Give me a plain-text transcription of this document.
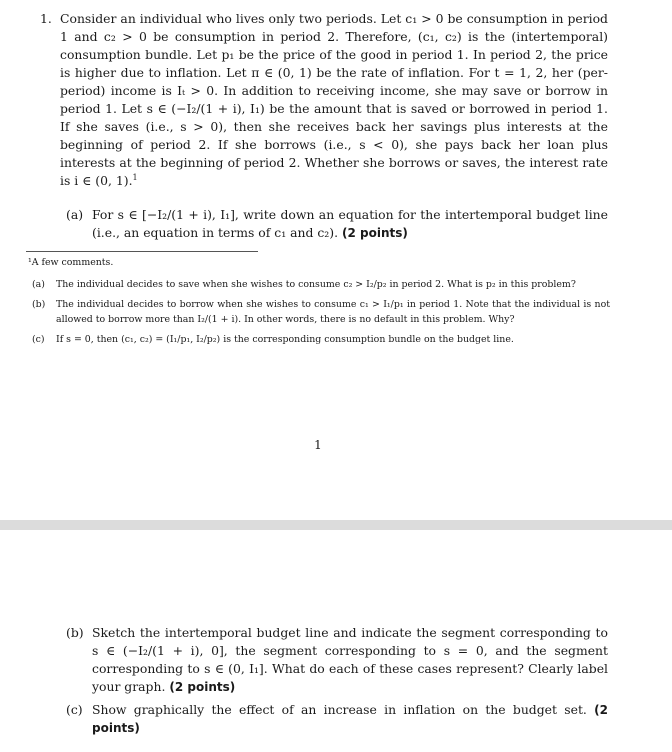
1. Consider an individual who lives only two periods. Let c₁ > 0 be consumption in period 1 and c₂ > 0 be consumption in period 2. Therefore, (c₁, c₂) is the (intertemporal) consumption bundle. Let p₁ be the price of the good in period 1. In period 2, the price is higher due to inflation. Let π ∈ (0, 1) be the rate of inflation. For t = 1, 2, her (per-period) income is Iₜ > 0. In addition to receiving income, she may save or borrow in period 1. Let s ∈ (−I₂/(1 + i), I₁) be the amount that is saved or borrowed in period 1. If she saves (i.e., s > 0), then she receives back her savings plus interests at the beginning of period 2. If she borrows (i.e., s < 0), she pays back her loan plus interests at the beginning of period 2. Whether she borrows or saves, the interest rate is i ∈ (0, 1).$^1$
(a) For s ∈ [−I₂/(1 + i), I₁], write down an equation for the intertemporal budget line (i.e., an equation in terms of c₁ and c₂). (2 points)
¹A few comments.
(a) The individual decides to save when she wishes to consume c₂ > I₂/p₂ in period 2. What is p₂ in this problem?
(b) The individual decides to borrow when she wishes to consume c₁ > I₁/p₁ in period 1. Note that the individual is not allowed to borrow more than I₂/(1 + i). In other words, there is no default in this problem. Why?
(c) If s = 0, then (c₁, c₂) = (I₁/p₁, I₂/p₂) is the corresponding consumption bundle on the budget line.
1
(b) Sketch the intertemporal budget line and indicate the segment corresponding to s ∈ (−I₂/(1 + i), 0], the segment corresponding to s = 0, and the segment corresponding to s ∈ (0, I₁]. What do each of these cases represent? Clearly label your graph. (2 points)
(c) Show graphically the effect of an increase in inflation on the budget set. (2 points)
